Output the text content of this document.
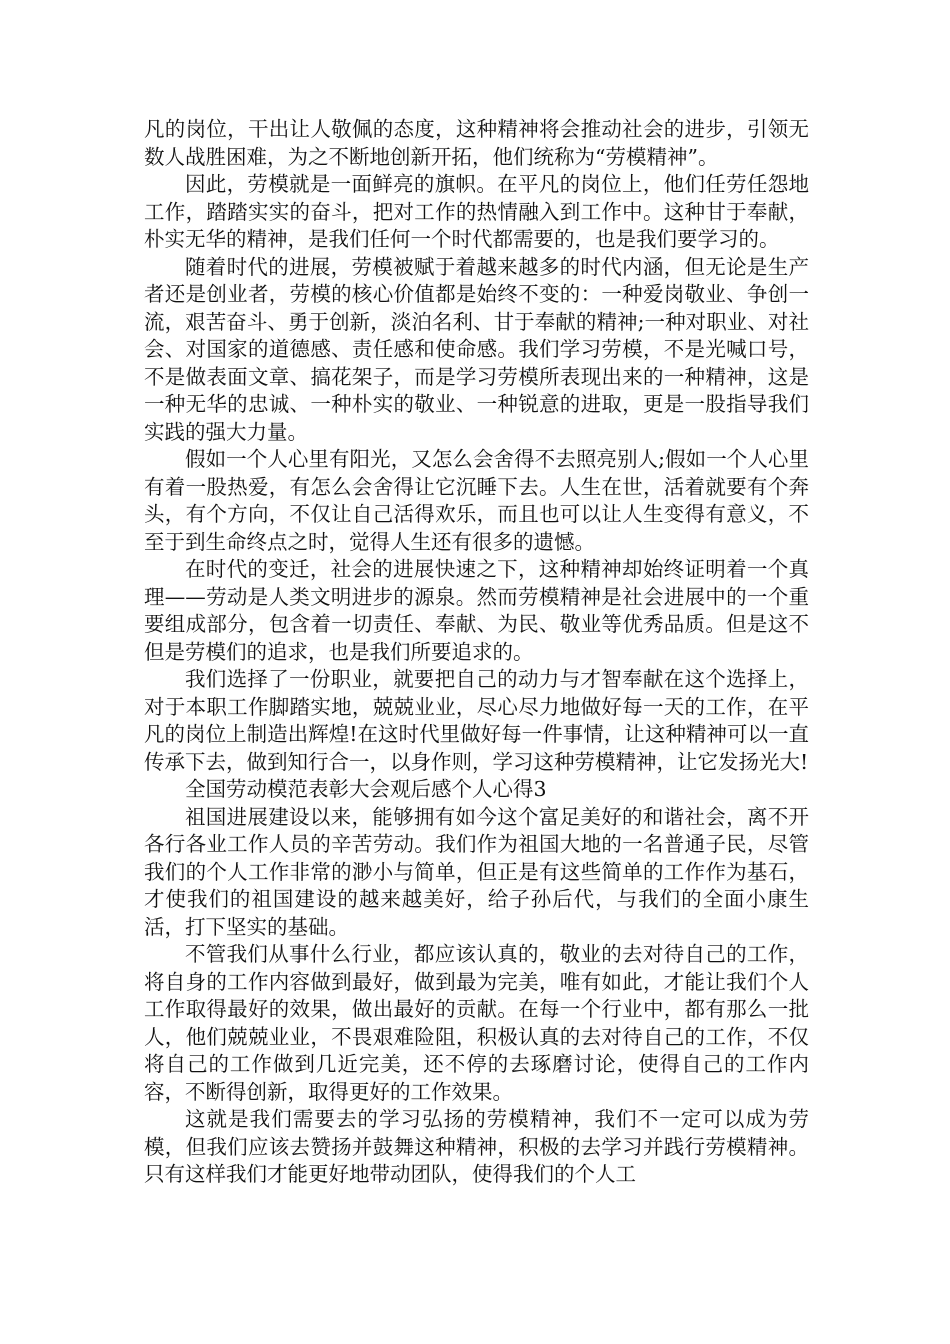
凡的岗位，干出让人敬佩的态度，这种精神将会推动社会的进步，引领无数人战胜困难，为之不断地创新开拓，他们统称为“劳模精神”。

因此，劳模就是一面鲜亮的旗帜。在平凡的岗位上，他们任劳任怨地工作，踏踏实实的奋斗，把对工作的热情融入到工作中。这种甘于奉献，朴实无华的精神，是我们任何一个时代都需要的，也是我们要学习的。

随着时代的进展，劳模被赋于着越来越多的时代内涵，但无论是生产者还是创业者，劳模的核心价值都是始终不变的：一种爱岗敬业、争创一流，艰苦奋斗、勇于创新，淡泊名利、甘于奉献的精神;一种对职业、对社会、对国家的道德感、责任感和使命感。我们学习劳模，不是光喊口号，不是做表面文章、搞花架子，而是学习劳模所表现出来的一种精神，这是一种无华的忠诚、一种朴实的敬业、一种锐意的进取，更是一股指导我们实践的强大力量。

假如一个人心里有阳光，又怎么会舍得不去照亮别人;假如一个人心里有着一股热爱，有怎么会舍得让它沉睡下去。人生在世，活着就要有个奔头，有个方向，不仅让自己活得欢乐，而且也可以让人生变得有意义，不至于到生命终点之时，觉得人生还有很多的遗憾。

在时代的变迁，社会的进展快速之下，这种精神却始终证明着一个真理——劳动是人类文明进步的源泉。然而劳模精神是社会进展中的一个重要组成部分，包含着一切责任、奉献、为民、敬业等优秀品质。但是这不但是劳模们的追求，也是我们所要追求的。

我们选择了一份职业，就要把自己的动力与才智奉献在这个选择上，对于本职工作脚踏实地，兢兢业业，尽心尽力地做好每一天的工作，在平凡的岗位上制造出辉煌!在这时代里做好每一件事情，让这种精神可以一直传承下去，做到知行合一，以身作则，学习这种劳模精神，让它发扬光大!

全国劳动模范表彰大会观后感个人心得3

祖国进展建设以来，能够拥有如今这个富足美好的和谐社会，离不开各行各业工作人员的辛苦劳动。我们作为祖国大地的一名普通子民，尽管我们的个人工作非常的渺小与简单，但正是有这些简单的工作作为基石，才使我们的祖国建设的越来越美好，给子孙后代，与我们的全面小康生活，打下坚实的基础。

不管我们从事什么行业，都应该认真的，敬业的去对待自己的工作，将自身的工作内容做到最好，做到最为完美，唯有如此，才能让我们个人工作取得最好的效果，做出最好的贡献。在每一个行业中，都有那么一批人，他们兢兢业业，不畏艰难险阻，积极认真的去对待自己的工作，不仅将自己的工作做到几近完美，还不停的去琢磨讨论，使得自己的工作内容，不断得创新，取得更好的工作效果。

这就是我们需要去的学习弘扬的劳模精神，我们不一定可以成为劳模，但我们应该去赞扬并鼓舞这种精神，积极的去学习并践行劳模精神。只有这样我们才能更好地带动团队，使得我们的个人工
